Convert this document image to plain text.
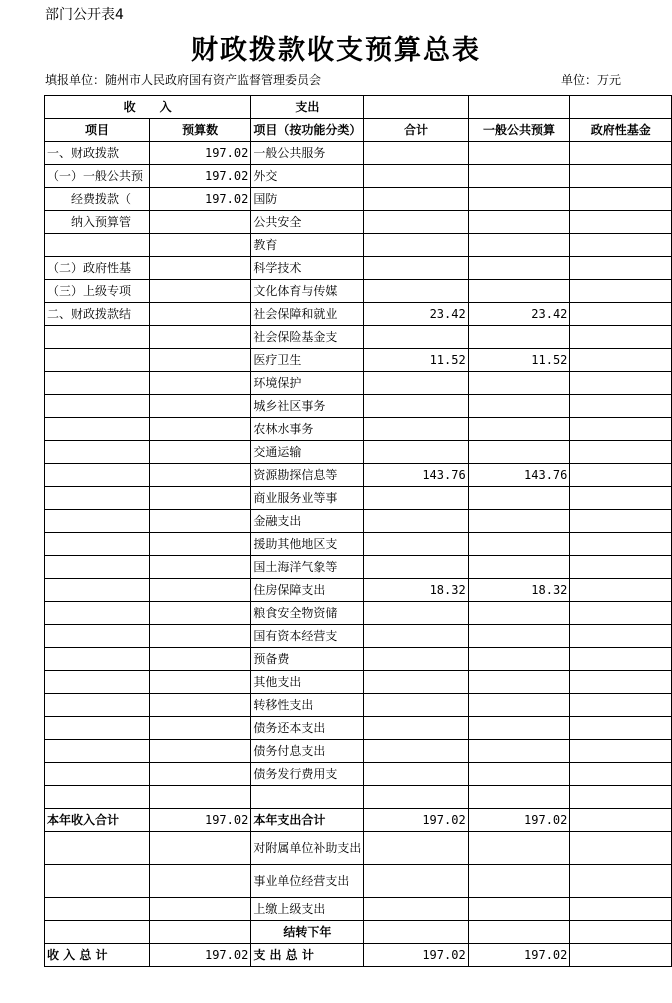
部门公开表4
财政拨款收支预算总表
填报单位：随州市人民政府国有资产监督管理委员会	单位：万元
收　　入		支出			
项目	预算数	项目（按功能分类）	合计	一般公共预算	政府性基金
一、财政拨款	197.02	一般公共服务			
（一）一般公共预	197.02	外交			
　　经费拨款（	197.02	国防			
　　纳入预算管		公共安全			
		教育			
（二）政府性基		科学技术			
（三）上级专项		文化体育与传媒			
二、财政拨款结		社会保障和就业	23.42	23.42	
		社会保险基金支			
		医疗卫生	11.52	11.52	
		环境保护			
		城乡社区事务			
		农林水事务			
		交通运输			
		资源勘探信息等	143.76	143.76	
		商业服务业等事			
		金融支出			
		援助其他地区支			
		国土海洋气象等			
		住房保障支出	18.32	18.32	
		粮食安全物资储			
		国有资本经营支			
		预备费			
		其他支出			
		转移性支出			
		债务还本支出			
		债务付息支出			
		债务发行费用支			

本年收入合计	197.02	本年支出合计	197.02	197.02	
		对附属单位补助支出			
		事业单位经营支出			
		上缴上级支出			
		结转下年			
收 入 总 计	197.02	支 出 总 计	197.02	197.02	
